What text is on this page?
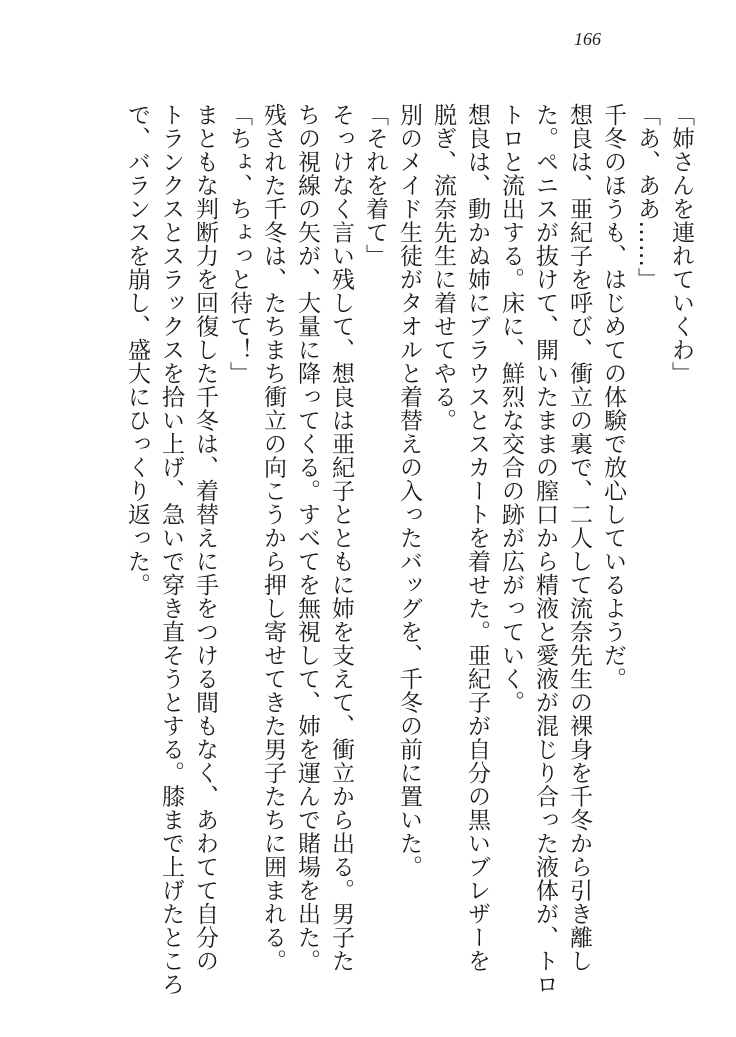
166

「姉さんを連れていくわ」

「あ、ああ……」

千冬のほうも、はじめての体験で放心しているようだ。

想良は、亜紀子を呼び、衝立の裏で、二人して流奈先生の裸身を千冬から引き離し

た。ペニスが抜けて、開いたままの膣口から精液と愛液が混じり合った液体が、トロ

トロと流出する。床に、鮮烈な交合の跡が広がっていく。

想良は、動かぬ姉にブラウスとスカートを着せた。亜紀子が自分の黒いブレザーを

脱ぎ、流奈先生に着せてやる。

別のメイド生徒がタオルと着替えの入ったバッグを、千冬の前に置いた。

「それを着て」

そっけなく言い残して、想良は亜紀子とともに姉を支えて、衝立から出る。男子た

ちの視線の矢が、大量に降ってくる。すべてを無視して、姉を運んで賭場を出た。

残された千冬は、たちまち衝立の向こうから押し寄せてきた男子たちに囲まれる。

「ちょ、ちょっと待て！」

まともな判断力を回復した千冬は、着替えに手をつける間もなく、あわてて自分の

トランクスとスラックスを拾い上げ、急いで穿き直そうとする。膝まで上げたところ

で、バランスを崩し、盛大にひっくり返った。
